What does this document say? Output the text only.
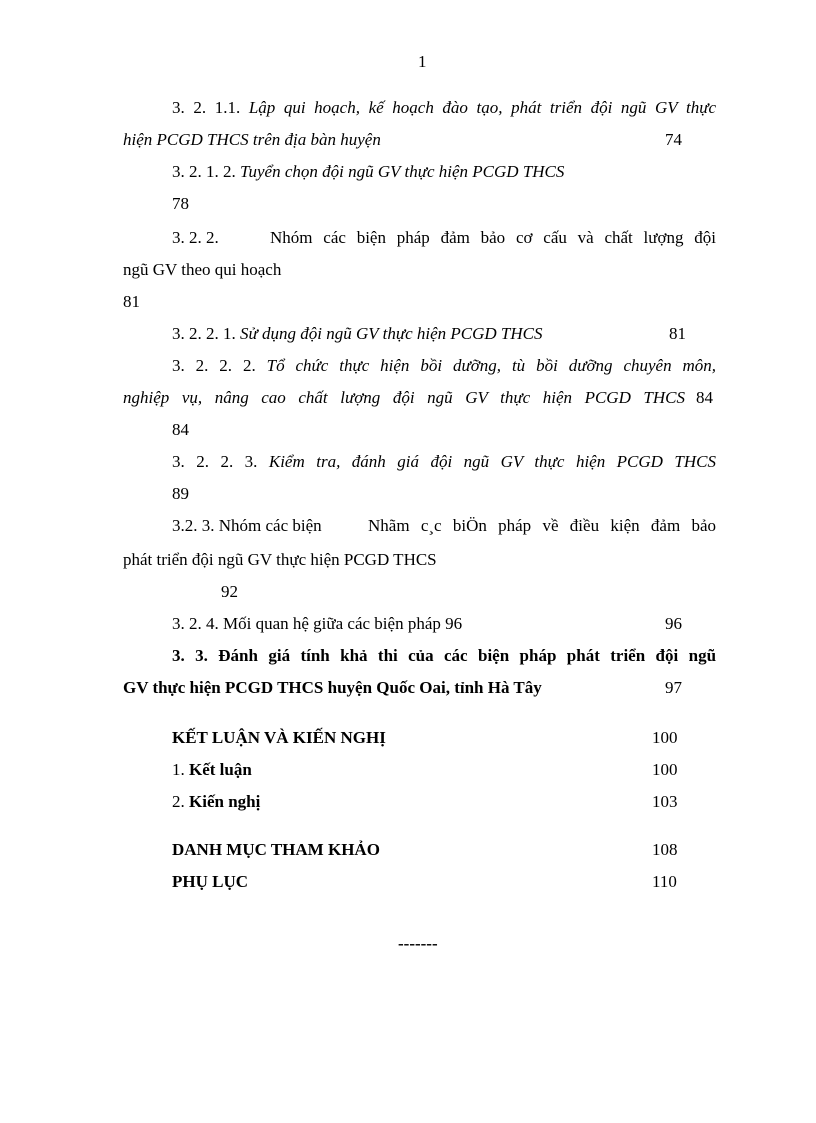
1
3. 2. 1.1. Lập qui hoạch, kế hoạch đào tạo, phát triển đội ngũ GV thực
hiện PCGD THCS trên địa bàn huyện	74
3. 2. 1. 2. Tuyển chọn đội ngũ GV thực hiện PCGD THCS
78
3. 2. 2.	Nhóm các biện pháp đảm bảo cơ cấu và chất lượng đội
ngũ GV theo qui hoạch
81
3. 2. 2. 1. Sử dụng đội ngũ GV thực hiện PCGD THCS	81
3. 2. 2. 2. Tổ chức thực hiện bồi dưỡng, tù bồi dưỡng chuyên môn,
nghiệp vụ, nâng cao chất lượng đội ngũ GV thực hiện PCGD THCS 84
84
3. 2. 2. 3. Kiểm tra, đánh giá đội ngũ GV thực hiện PCGD THCS
89
3.2. 3. Nhóm các biện	Nhãm c¸c biÖn pháp về điều kiện đảm bảo
phát triển đội ngũ GV thực hiện PCGD THCS
92
3. 2. 4. Mối quan hệ giữa các biện pháp 96	96
3. 3. Đánh giá tính khả thi của các biện pháp phát triển đội ngũ
GV thực hiện PCGD THCS huyện Quốc Oai, tỉnh Hà Tây	97
KẾT LUẬN VÀ KIẾN NGHỊ	100
1. Kết luận	100
2. Kiến nghị	103
DANH MỤC THAM KHẢO	108
PHỤ LỤC	110
-------
